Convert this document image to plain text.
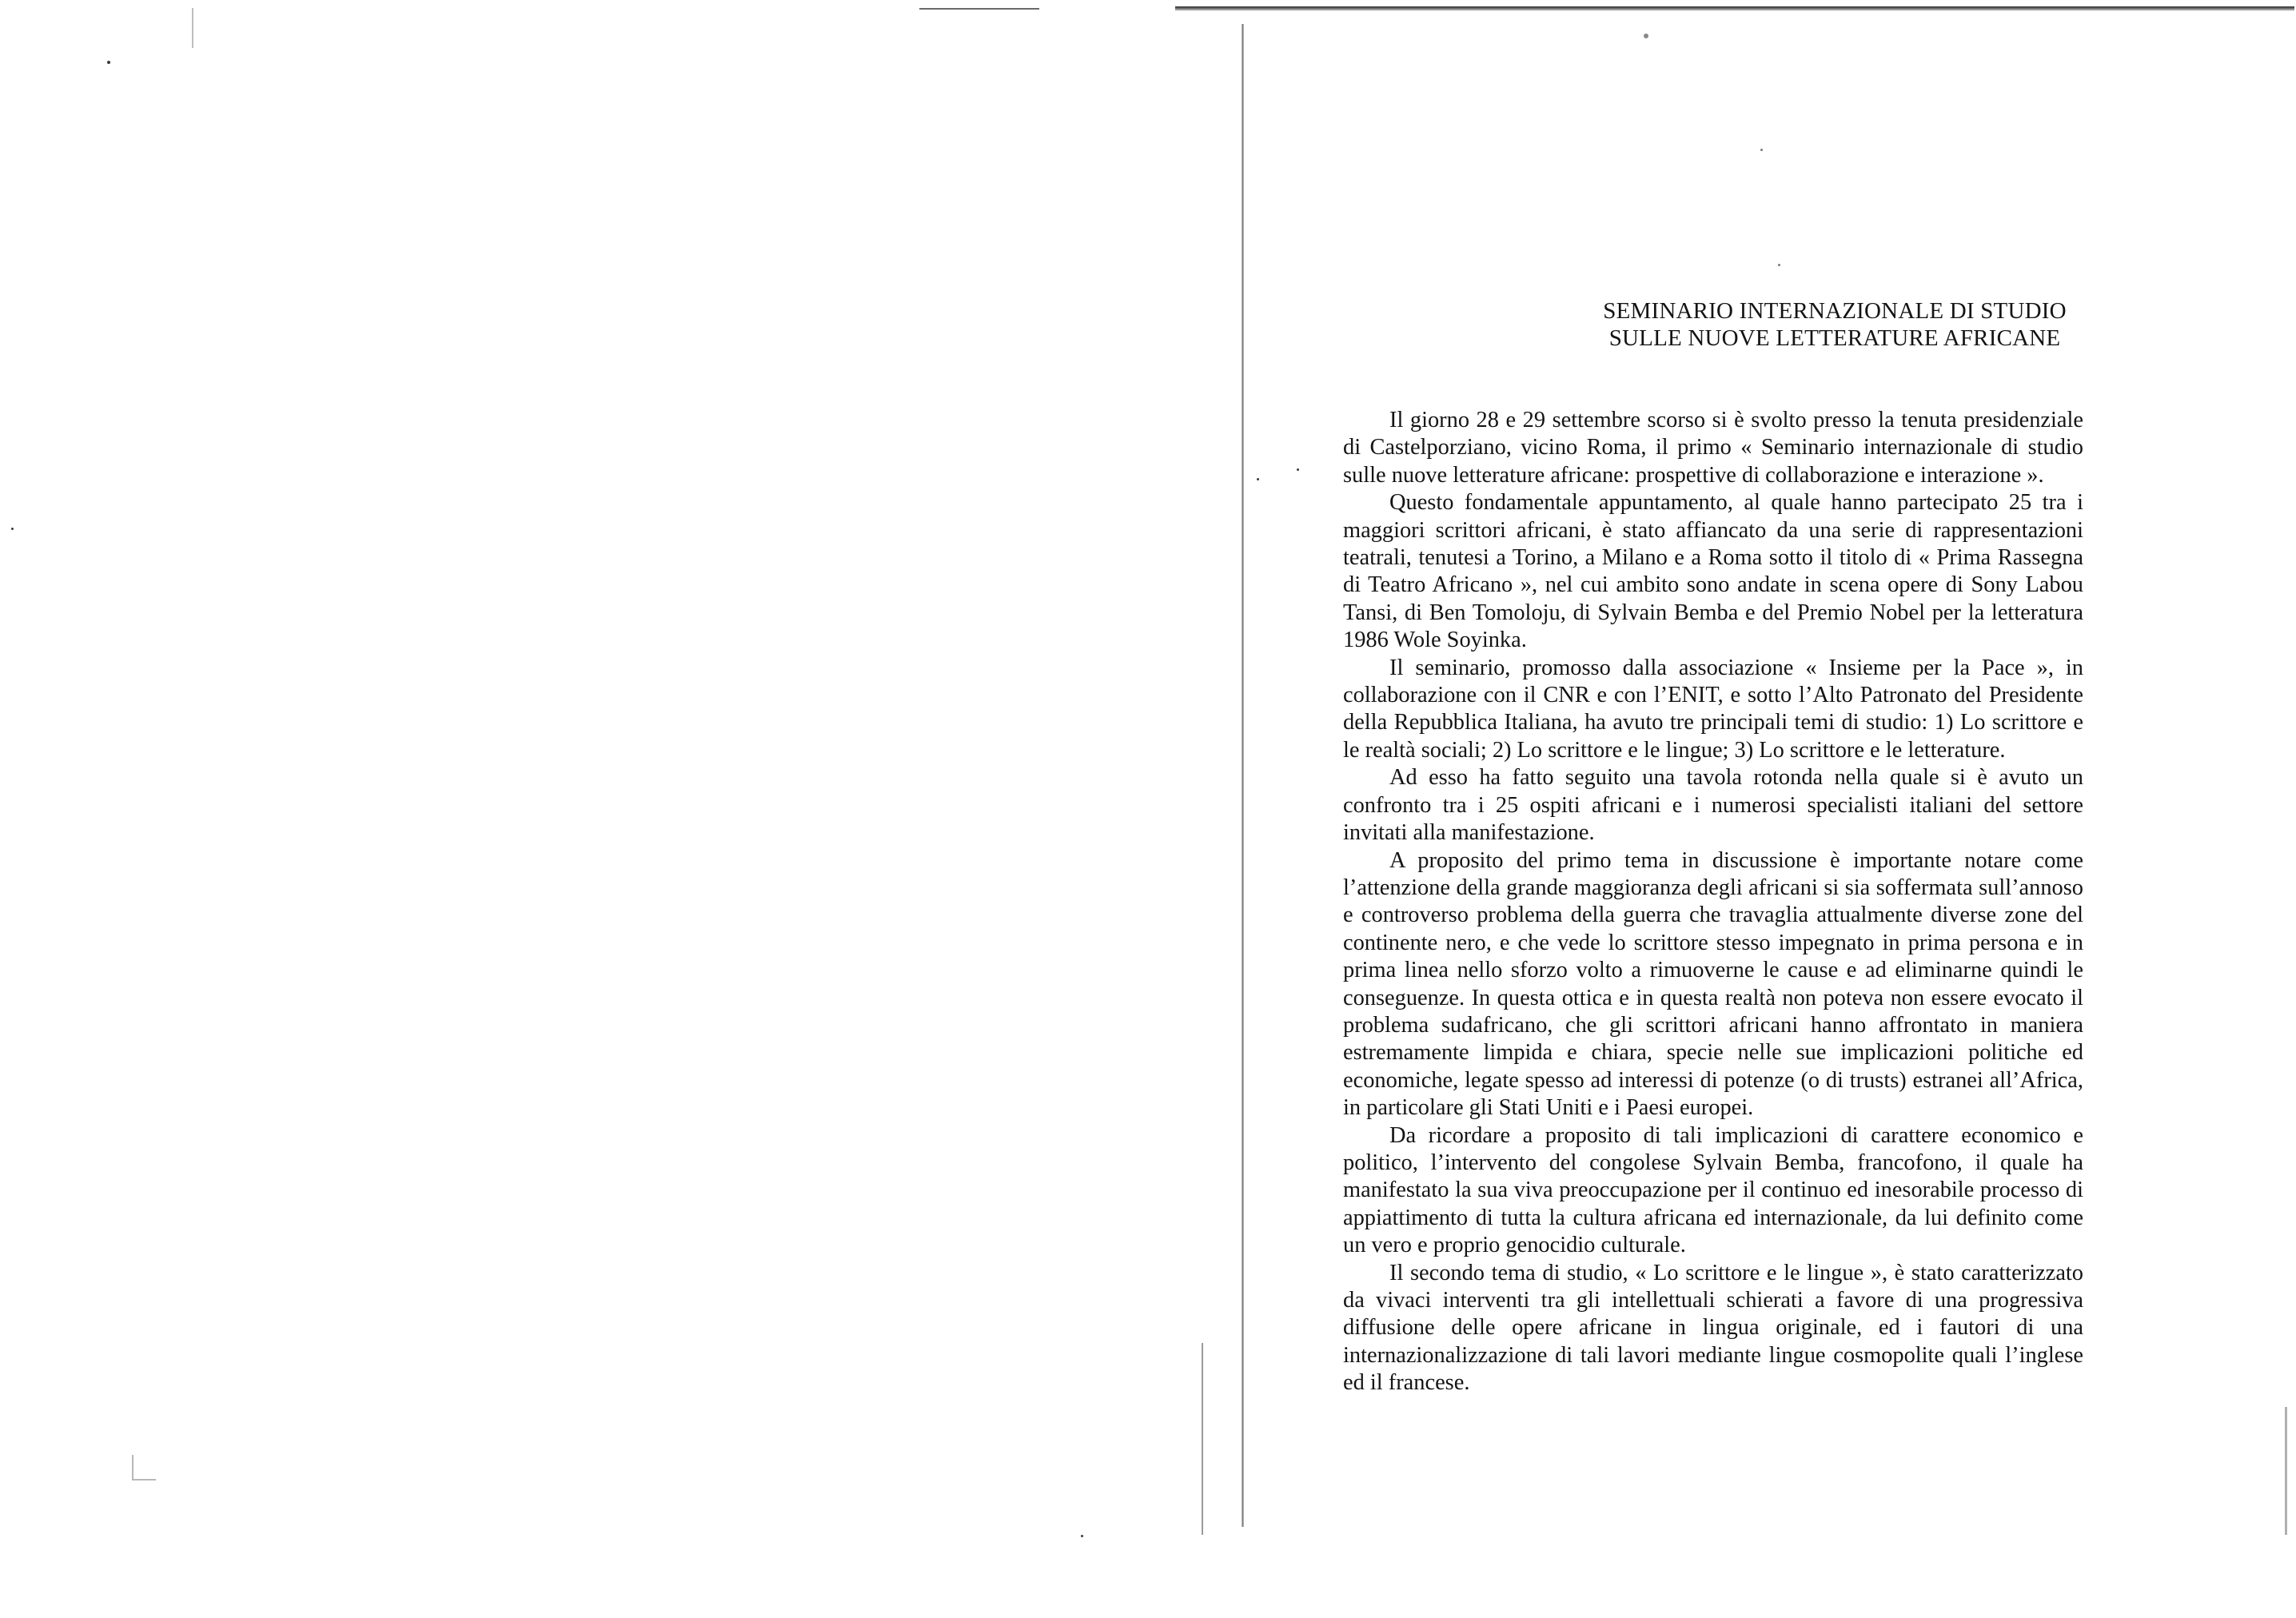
SEMINARIO INTERNAZIONALE DI STUDIO
SULLE NUOVE LETTERATURE AFRICANE

Il giorno 28 e 29 settembre scorso si è svolto presso la tenuta presidenziale di Castelporziano, vicino Roma, il primo « Seminario internazionale di studio sulle nuove letterature africane: prospettive di collaborazione e interazione ».

Questo fondamentale appuntamento, al quale hanno partecipato 25 tra i maggiori scrittori africani, è stato affiancato da una serie di rappresentazioni teatrali, tenutesi a Torino, a Milano e a Roma sotto il titolo di « Prima Rassegna di Teatro Africano », nel cui ambito sono andate in scena opere di Sony Labou Tansi, di Ben Tomoloju, di Sylvain Bemba e del Premio Nobel per la letteratura 1986 Wole Soyinka.

Il seminario, promosso dalla associazione « Insieme per la Pace », in collaborazione con il CNR e con l’ENIT, e sotto l’Alto Patronato del Presidente della Repubblica Italiana, ha avuto tre principali temi di studio: 1) Lo scrittore e le realtà sociali; 2) Lo scrittore e le lingue; 3) Lo scrittore e le letterature.

Ad esso ha fatto seguito una tavola rotonda nella quale si è avuto un confronto tra i 25 ospiti africani e i numerosi specialisti italiani del settore invitati alla manifestazione.

A proposito del primo tema in discussione è importante notare come l’attenzione della grande maggioranza degli africani si sia soffermata sull’annoso e controverso problema della guerra che travaglia attualmente diverse zone del continente nero, e che vede lo scrittore stesso impegnato in prima persona e in prima linea nello sforzo volto a rimuoverne le cause e ad eliminarne quindi le conseguenze. In questa ottica e in questa realtà non poteva non essere evocato il problema sudafricano, che gli scrittori africani hanno affrontato in maniera estremamente limpida e chiara, specie nelle sue implicazioni politiche ed economiche, legate spesso ad interessi di potenze (o di trusts) estranei all’Africa, in particolare gli Stati Uniti e i Paesi europei.

Da ricordare a proposito di tali implicazioni di carattere economico e politico, l’intervento del congolese Sylvain Bemba, francofono, il quale ha manifestato la sua viva preoccupazione per il continuo ed inesorabile processo di appiattimento di tutta la cultura africana ed internazionale, da lui definito come un vero e proprio genocidio culturale.

Il secondo tema di studio, « Lo scrittore e le lingue », è stato caratterizzato da vivaci interventi tra gli intellettuali schierati a favore di una progressiva diffusione delle opere africane in lingua originale, ed i fautori di una internazionalizzazione di tali lavori mediante lingue cosmopolite quali l’inglese ed il francese.
